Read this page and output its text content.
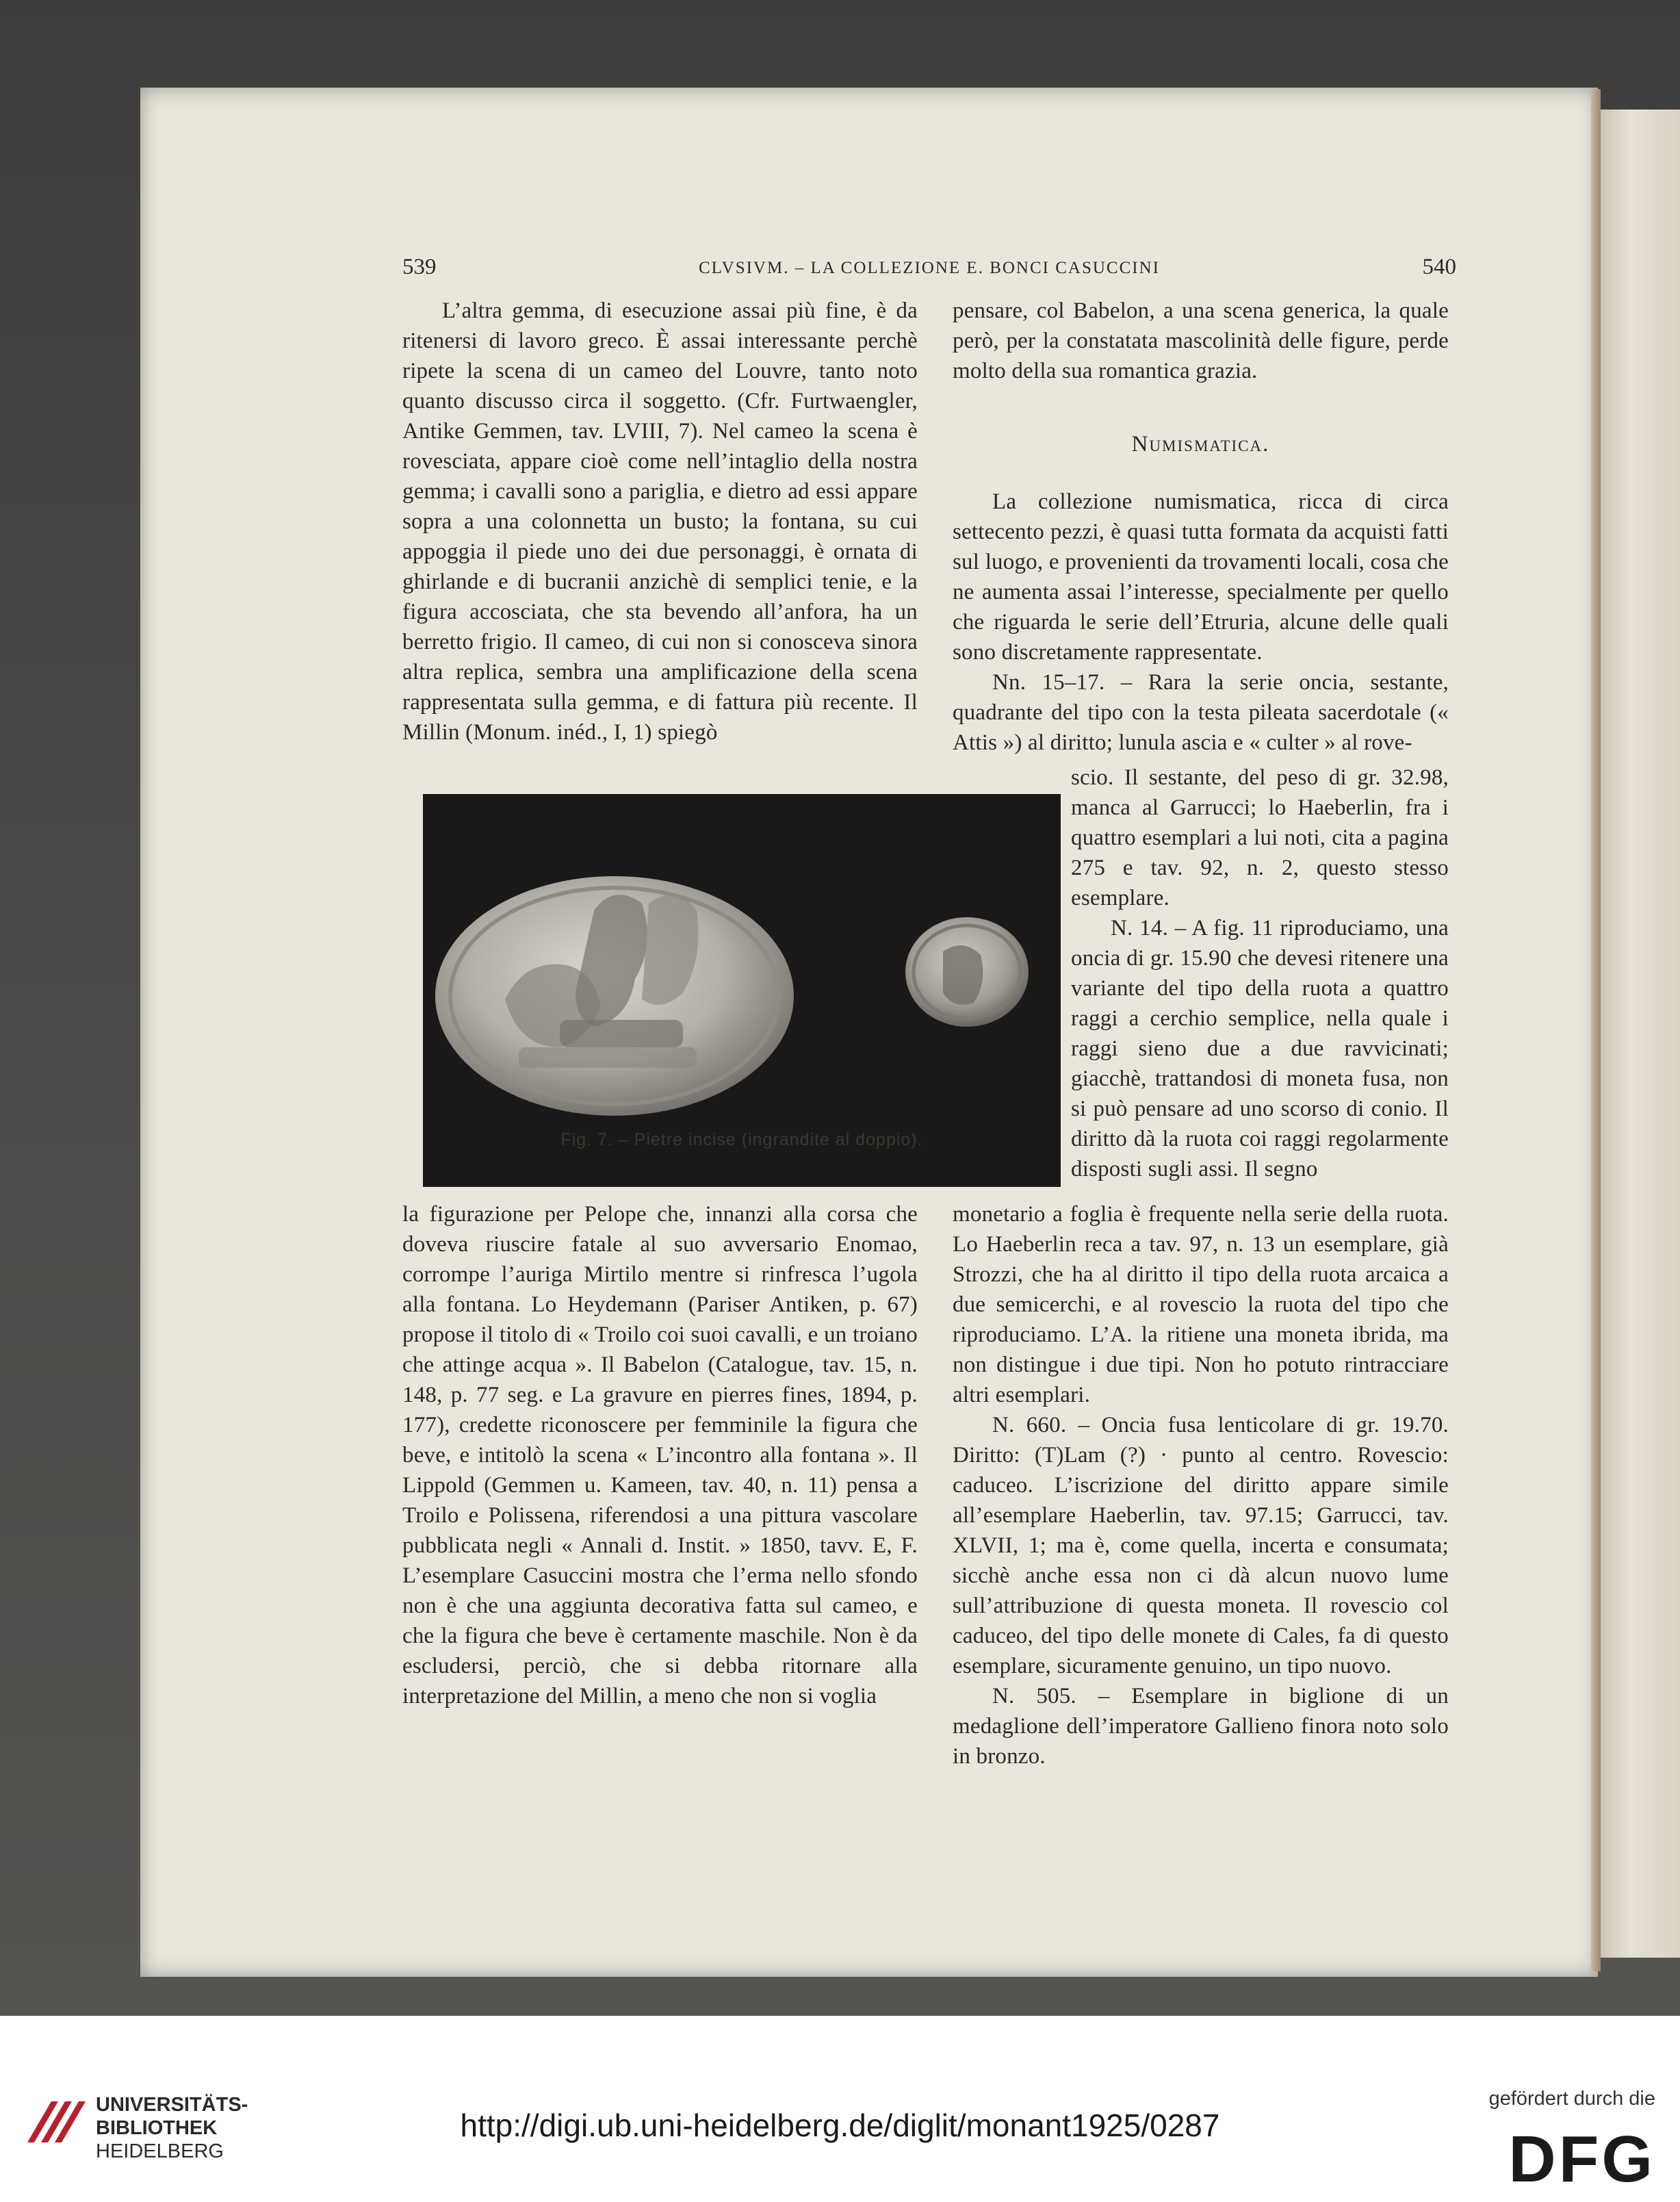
539	CLVSIVM. – LA COLLEZIONE E. BONCI CASUCCINI	540

L’altra gemma, di esecuzione assai più fine, è da ritenersi di lavoro greco. È assai interessante perchè ripete la scena di un cameo del Louvre, tanto noto quanto discusso circa il soggetto. (Cfr. Furtwaengler, Antike Gemmen, tav. LVIII, 7). Nel cameo la scena è rovesciata, appare cioè come nell’intaglio della nostra gemma; i cavalli sono a pariglia, e dietro ad essi appare sopra a una colonnetta un busto; la fontana, su cui appoggia il piede uno dei due personaggi, è ornata di ghirlande e di bucranii anzichè di semplici tenie, e la figura accosciata, che sta bevendo all’anfora, ha un berretto frigio. Il cameo, di cui non si conosceva sinora altra replica, sembra una amplificazione della scena rappresentata sulla gemma, e di fattura più recente. Il Millin (Monum. inéd., I, 1) spiegò

Fig. 7. – Pietre incise (ingrandite al doppio).

la figurazione per Pelope che, innanzi alla corsa che doveva riuscire fatale al suo avversario Enomao, corrompe l’auriga Mirtilo mentre si rinfresca l’ugola alla fontana. Lo Heydemann (Pariser Antiken, p. 67) propose il titolo di « Troilo coi suoi cavalli, e un troiano che attinge acqua ». Il Babelon (Catalogue, tav. 15, n. 148, p. 77 seg. e La gravure en pierres fines, 1894, p. 177), credette riconoscere per femminile la figura che beve, e intitolò la scena « L’incontro alla fontana ». Il Lippold (Gemmen u. Kameen, tav. 40, n. 11) pensa a Troilo e Polissena, riferendosi a una pittura vascolare pubblicata negli « Annali d. Instit. » 1850, tavv. E, F. L’esemplare Casuccini mostra che l’erma nello sfondo non è che una aggiunta decorativa fatta sul cameo, e che la figura che beve è certamente maschile. Non è da escludersi, perciò, che si debba ritornare alla interpretazione del Millin, a meno che non si voglia

pensare, col Babelon, a una scena generica, la quale però, per la constatata mascolinità delle figure, perde molto della sua romantica grazia.

Numismatica.

La collezione numismatica, ricca di circa settecento pezzi, è quasi tutta formata da acquisti fatti sul luogo, e provenienti da trovamenti locali, cosa che ne aumenta assai l’interesse, specialmente per quello che riguarda le serie dell’Etruria, alcune delle quali sono discretamente rappresentate.

Nn. 15–17. – Rara la serie oncia, sestante, quadrante del tipo con la testa pileata sacerdotale (« Attis ») al diritto; lunula ascia e « culter » al rove-

scio. Il sestante, del peso di gr. 32.98, manca al Garrucci; lo Haeberlin, fra i quattro esemplari a lui noti, cita a pagina 275 e tav. 92, n. 2, questo stesso esemplare.

N. 14. – A fig. 11 riproduciamo, una oncia di gr. 15.90 che devesi ritenere una variante del tipo della ruota a quattro raggi a cerchio semplice, nella quale i raggi sieno due a due ravvicinati; giacchè, trattandosi di moneta fusa, non si può pensare ad uno scorso di conio. Il diritto dà la ruota coi raggi regolarmente disposti sugli assi. Il segno

monetario a foglia è frequente nella serie della ruota. Lo Haeberlin reca a tav. 97, n. 13 un esemplare, già Strozzi, che ha al diritto il tipo della ruota arcaica a due semicerchi, e al rovescio la ruota del tipo che riproduciamo. L’A. la ritiene una moneta ibrida, ma non distingue i due tipi. Non ho potuto rintracciare altri esemplari.

N. 660. – Oncia fusa lenticolare di gr. 19.70. Diritto: (T)Lam (?) · punto al centro. Rovescio: caduceo. L’iscrizione del diritto appare simile all’esemplare Haeberlin, tav. 97.15; Garrucci, tav. XLVII, 1; ma è, come quella, incerta e consumata; sicchè anche essa non ci dà alcun nuovo lume sull’attribuzione di questa moneta. Il rovescio col caduceo, del tipo delle monete di Cales, fa di questo esemplare, sicuramente genuino, un tipo nuovo.

N. 505. – Esemplare in biglione di un medaglione dell’imperatore Gallieno finora noto solo in bronzo.

UNIVERSITÄTS-
BIBLIOTHEK
HEIDELBERG
http://digi.ub.uni-heidelberg.de/diglit/monant1925/0287
gefördert durch die
DFG
